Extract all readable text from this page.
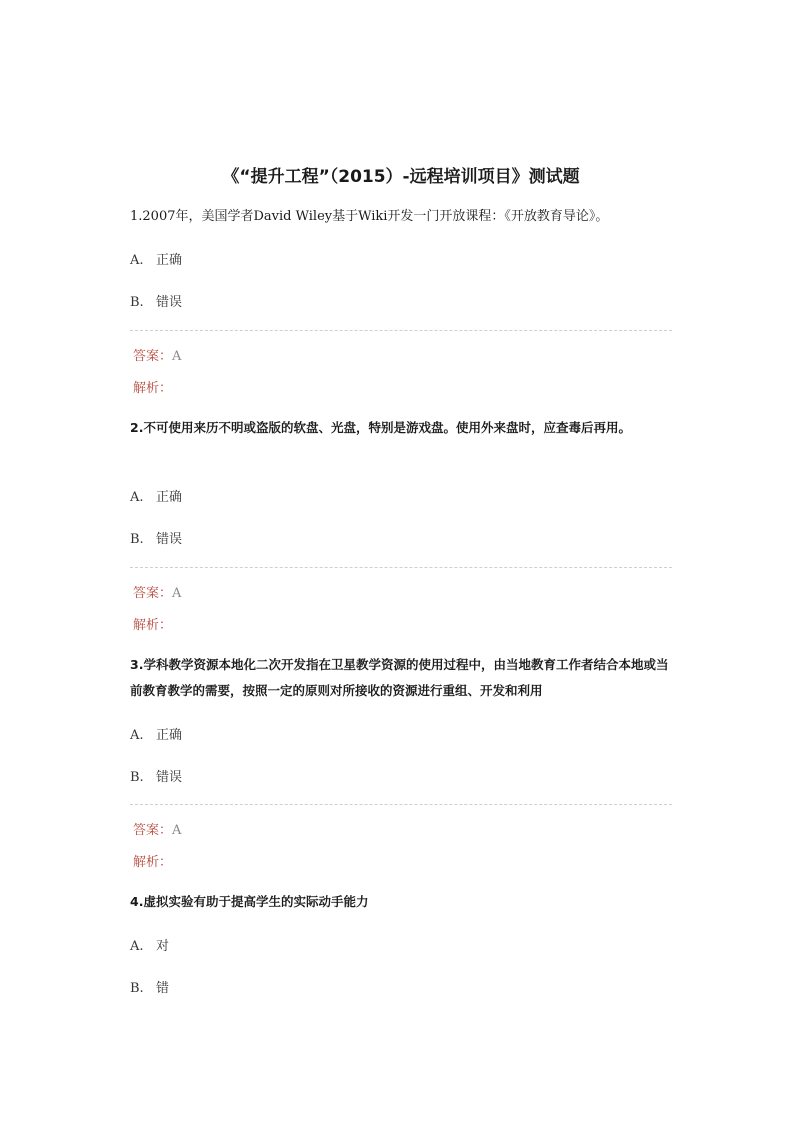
《“提升工程”（2015）-远程培训项目》测试题
1.2007年，美国学者David Wiley基于Wiki开发一门开放课程：《开放教育导论》。
A. 正确
B. 错误
答案：A
解析：
2.不可使用来历不明或盗版的软盘、光盘，特别是游戏盘。使用外来盘时，应查毒后再用。
A. 正确
B. 错误
答案：A
解析：
3.学科教学资源本地化二次开发指在卫星教学资源的使用过程中，由当地教育工作者结合本地或当前教育教学的需要，按照一定的原则对所接收的资源进行重组、开发和利用
A. 正确
B. 错误
答案：A
解析：
4.虚拟实验有助于提高学生的实际动手能力
A. 对
B. 错
